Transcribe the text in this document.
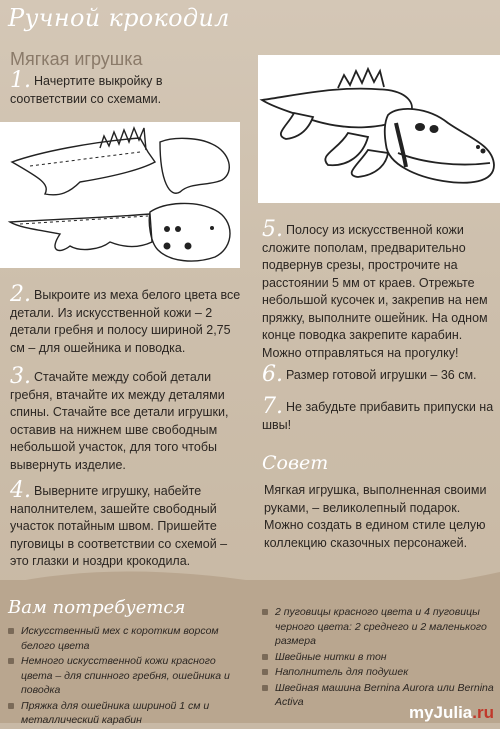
Ручной крокодил
Мягкая игрушка
1. Начертите выкройку в соответствии со схемами.
2. Выкроите из меха белого цвета все детали. Из искусственной кожи – 2 детали гребня и полосу шириной 2,75 см – для ошейника и поводка.
3. Стачайте между собой детали гребня, втачайте их между деталями спины. Стачайте все детали игрушки, оставив на нижнем шве свободным небольшой участок, для того чтобы вывернуть изделие.
4. Выверните игрушку, набейте наполнителем, зашейте свободный участок потайным швом. Пришейте пуговицы в соответствии со схемой – это глазки и ноздри крокодила.
5. Полосу из искусственной кожи сложите пополам, предварительно подвернув срезы, прострочите на расстоянии 5 мм от краев. Отрежьте небольшой кусочек и, закрепив на нем пряжку, выполните ошейник. На одном конце поводка закрепите карабин. Можно отправляться на прогулку!
6. Размер готовой игрушки – 36 см.
7. Не забудьте прибавить припуски на швы!
Совет
Мягкая игрушка, выполненная своими руками, – великолепный подарок. Можно создать в едином стиле целую коллекцию сказочных персонажей.
Вам потребуется
Искусственный мех с коротким ворсом белого цвета
Немного искусственной кожи красного цвета – для спинного гребня, ошейника и поводка
Пряжка для ошейника шириной 1 см и металлический карабин
2 пуговицы красного цвета и 4 пуговицы черного цвета: 2 среднего и 2 маленького размера
Швейные нитки в тон
Наполнитель для подушек
Швейная машина Bernina Aurora или Bernina Activa
myJulia.ru
